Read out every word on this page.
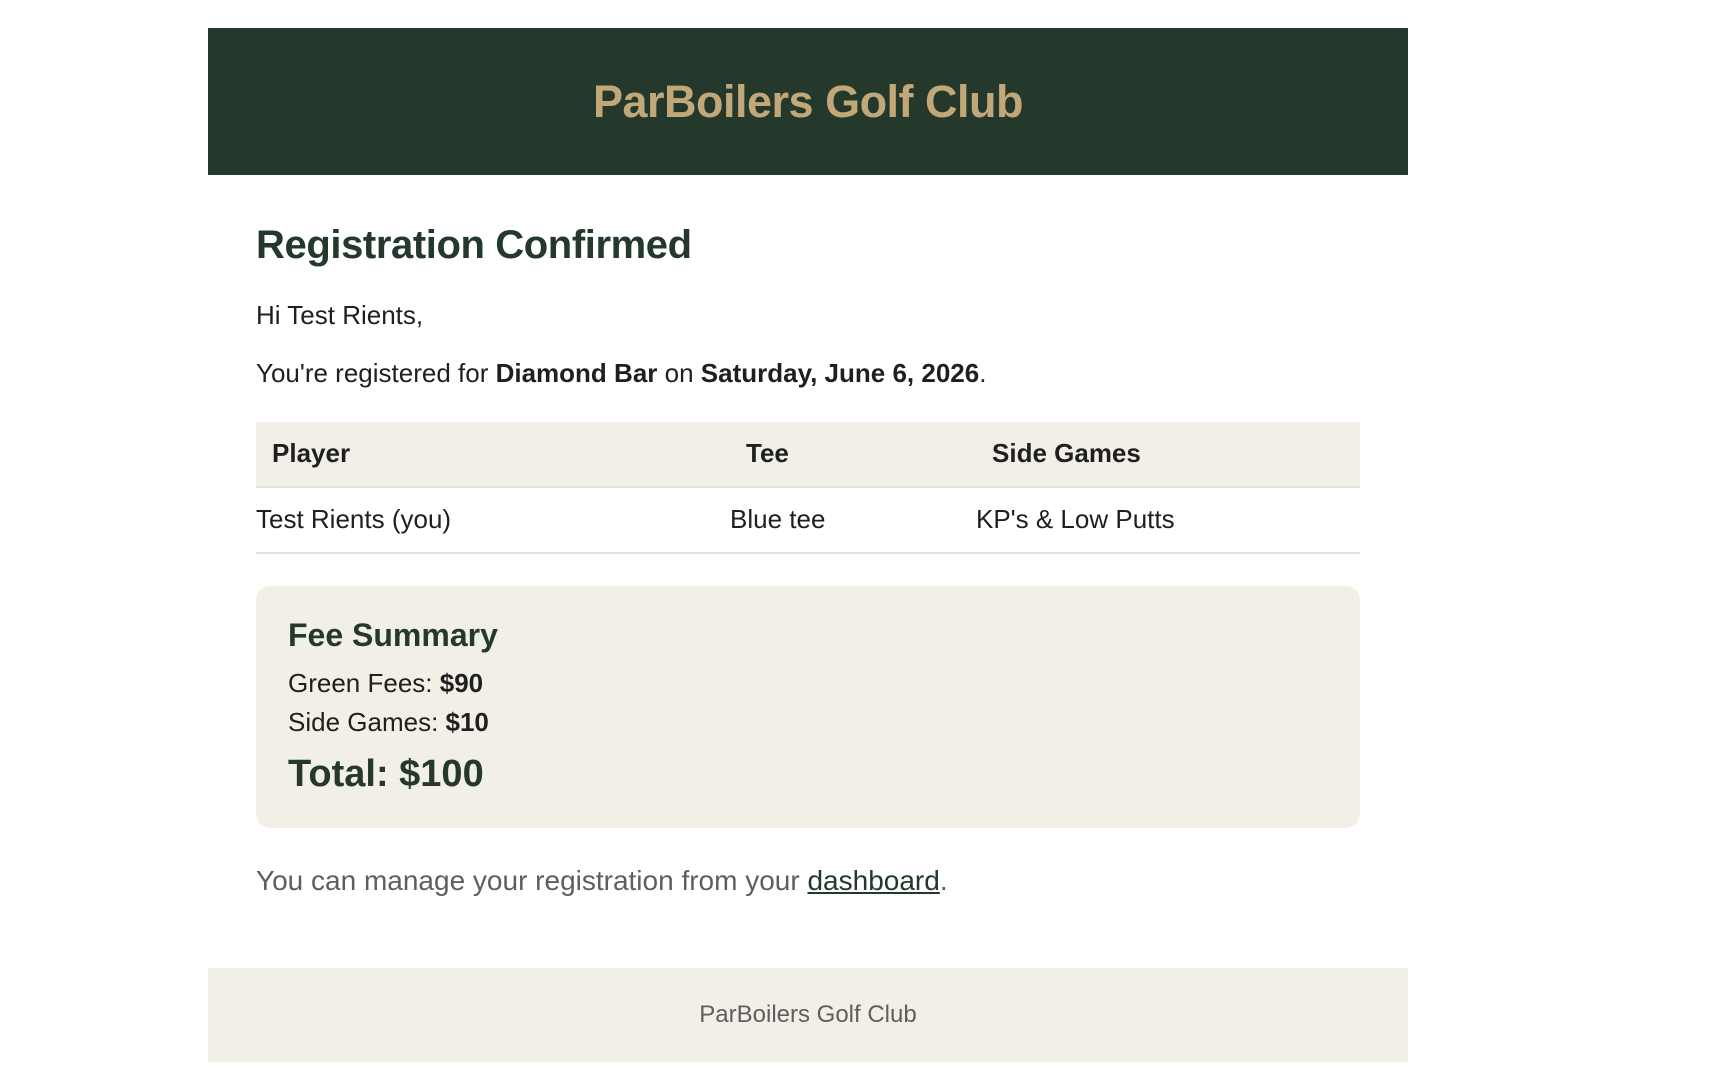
ParBoilers Golf Club
Registration Confirmed
Hi Test Rients,
You're registered for Diamond Bar on Saturday, June 6, 2026.
Player	Tee	Side Games
Test Rients (you)	Blue tee	KP's & Low Putts
Fee Summary
Green Fees: $90
Side Games: $10
Total: $100
You can manage your registration from your dashboard.
ParBoilers Golf Club
